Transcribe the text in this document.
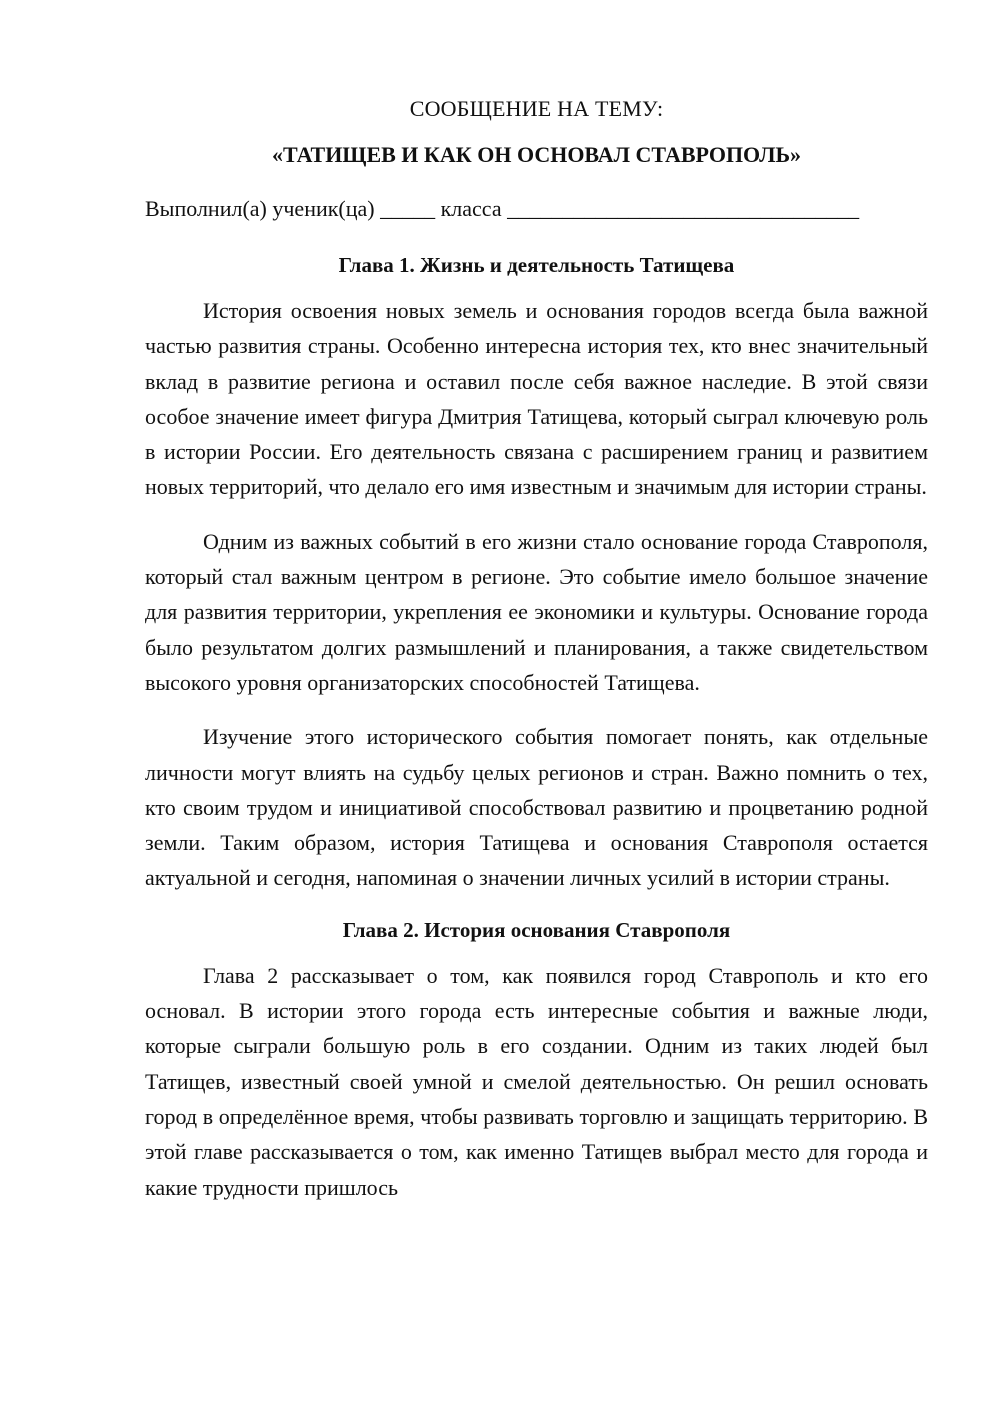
СООБЩЕНИЕ НА ТЕМУ:
«ТАТИЩЕВ И КАК ОН ОСНОВАЛ СТАВРОПОЛЬ»
Выполнил(а) ученик(ца) _____ класса ________________________________
Глава 1. Жизнь и деятельность Татищева

История освоения новых земель и основания городов всегда была важной частью развития страны. Особенно интересна история тех, кто внес значительный вклад в развитие региона и оставил после себя важное наследие. В этой связи особое значение имеет фигура Дмитрия Татищева, который сыграл ключевую роль в истории России. Его деятельность связана с расширением границ и развитием новых территорий, что делало его имя известным и значимым для истории страны.

Одним из важных событий в его жизни стало основание города Ставрополя, который стал важным центром в регионе. Это событие имело большое значение для развития территории, укрепления ее экономики и культуры. Основание города было результатом долгих размышлений и планирования, а также свидетельством высокого уровня организаторских способностей Татищева.

Изучение этого исторического события помогает понять, как отдельные личности могут влиять на судьбу целых регионов и стран. Важно помнить о тех, кто своим трудом и инициативой способствовал развитию и процветанию родной земли. Таким образом, история Татищева и основания Ставрополя остается актуальной и сегодня, напоминая о значении личных усилий в истории страны.

Глава 2. История основания Ставрополя

Глава 2 рассказывает о том, как появился город Ставрополь и кто его основал. В истории этого города есть интересные события и важные люди, которые сыграли большую роль в его создании. Одним из таких людей был Татищев, известный своей умной и смелой деятельностью. Он решил основать город в определённое время, чтобы развивать торговлю и защищать территорию. В этой главе рассказывается о том, как именно Татищев выбрал место для города и какие трудности пришлось
